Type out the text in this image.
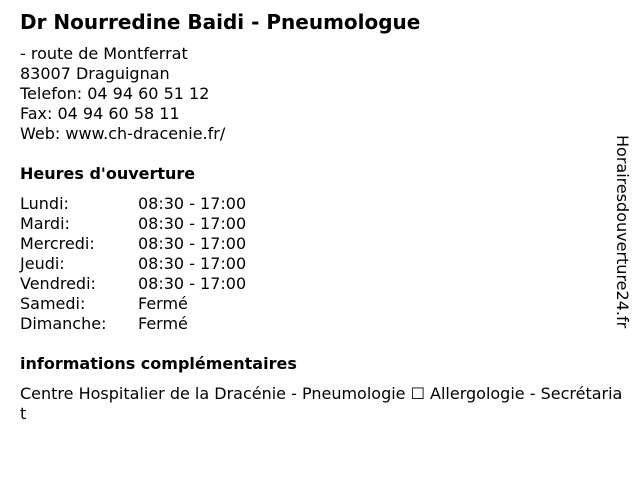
Dr Nourredine Baidi - Pneumologue
- route de Montferrat
83007 Draguignan
Telefon: 04 94 60 51 12
Fax: 04 94 60 58 11
Web: www.ch-dracenie.fr/
Heures d'ouverture
Lundi:	08:30 - 17:00
Mardi:	08:30 - 17:00
Mercredi:	08:30 - 17:00
Jeudi:	08:30 - 17:00
Vendredi:	08:30 - 17:00
Samedi:	Fermé
Dimanche:	Fermé
informations complémentaires
Centre Hospitalier de la Dracénie - Pneumologie ☐ Allergologie - Secrétariat
Horairesdouverture24.fr
